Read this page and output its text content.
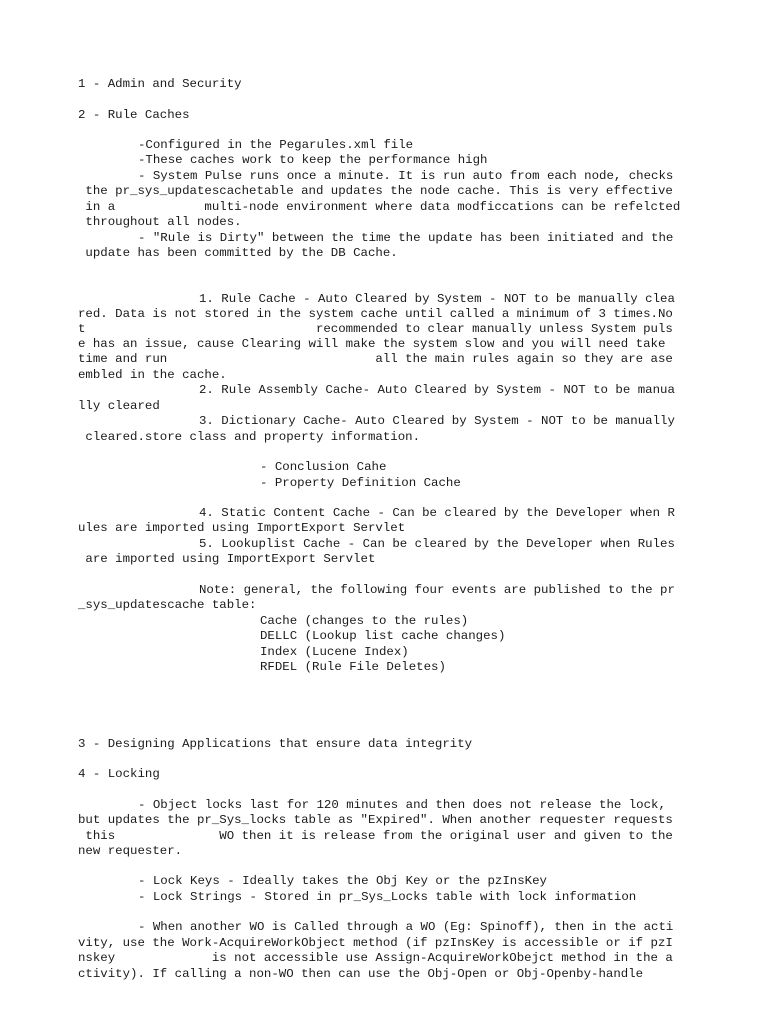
1 - Admin and Security
2 - Rule Caches
-Configured in the Pegarules.xml file
-These caches work to keep the performance high
- System Pulse runs once a minute. It is run auto from each node, checks
the pr_sys_updatescachetable and updates the node cache. This is very effective
in a            multi-node environment where data modficcations can be refelcted
throughout all nodes.
- "Rule is Dirty" between the time the update has been initiated and the
update has been committed by the DB Cache.
1. Rule Cache - Auto Cleared by System - NOT to be manually clea
red. Data is not stored in the system cache until called a minimum of 3 times.No
t                               recommended to clear manually unless System puls
e has an issue, cause Clearing will make the system slow and you will need take
time and run                            all the main rules again so they are ase
embled in the cache.
2. Rule Assembly Cache- Auto Cleared by System - NOT to be manua
lly cleared
3. Dictionary Cache- Auto Cleared by System - NOT to be manually
cleared.store class and property information.
- Conclusion Cahe
- Property Definition Cache
4. Static Content Cache - Can be cleared by the Developer when R
ules are imported using ImportExport Servlet
5. Lookuplist Cache - Can be cleared by the Developer when Rules
are imported using ImportExport Servlet
Note: general, the following four events are published to the pr
_sys_updatescache table:
Cache (changes to the rules)
DELLC (Lookup list cache changes)
Index (Lucene Index)
RFDEL (Rule File Deletes)
3 - Designing Applications that ensure data integrity
4 - Locking
- Object locks last for 120 minutes and then does not release the lock,
but updates the pr_Sys_locks table as "Expired". When another requester requests
this              WO then it is release from the original user and given to the
new requester.
- Lock Keys - Ideally takes the Obj Key or the pzInsKey
- Lock Strings - Stored in pr_Sys_Locks table with lock information
- When another WO is Called through a WO (Eg: Spinoff), then in the acti
vity, use the Work-AcquireWorkObject method (if pzInsKey is accessible or if pzI
nskey             is not accessible use Assign-AcquireWorkObejct method in the a
ctivity). If calling a non-WO then can use the Obj-Open or Obj-Openby-handle
